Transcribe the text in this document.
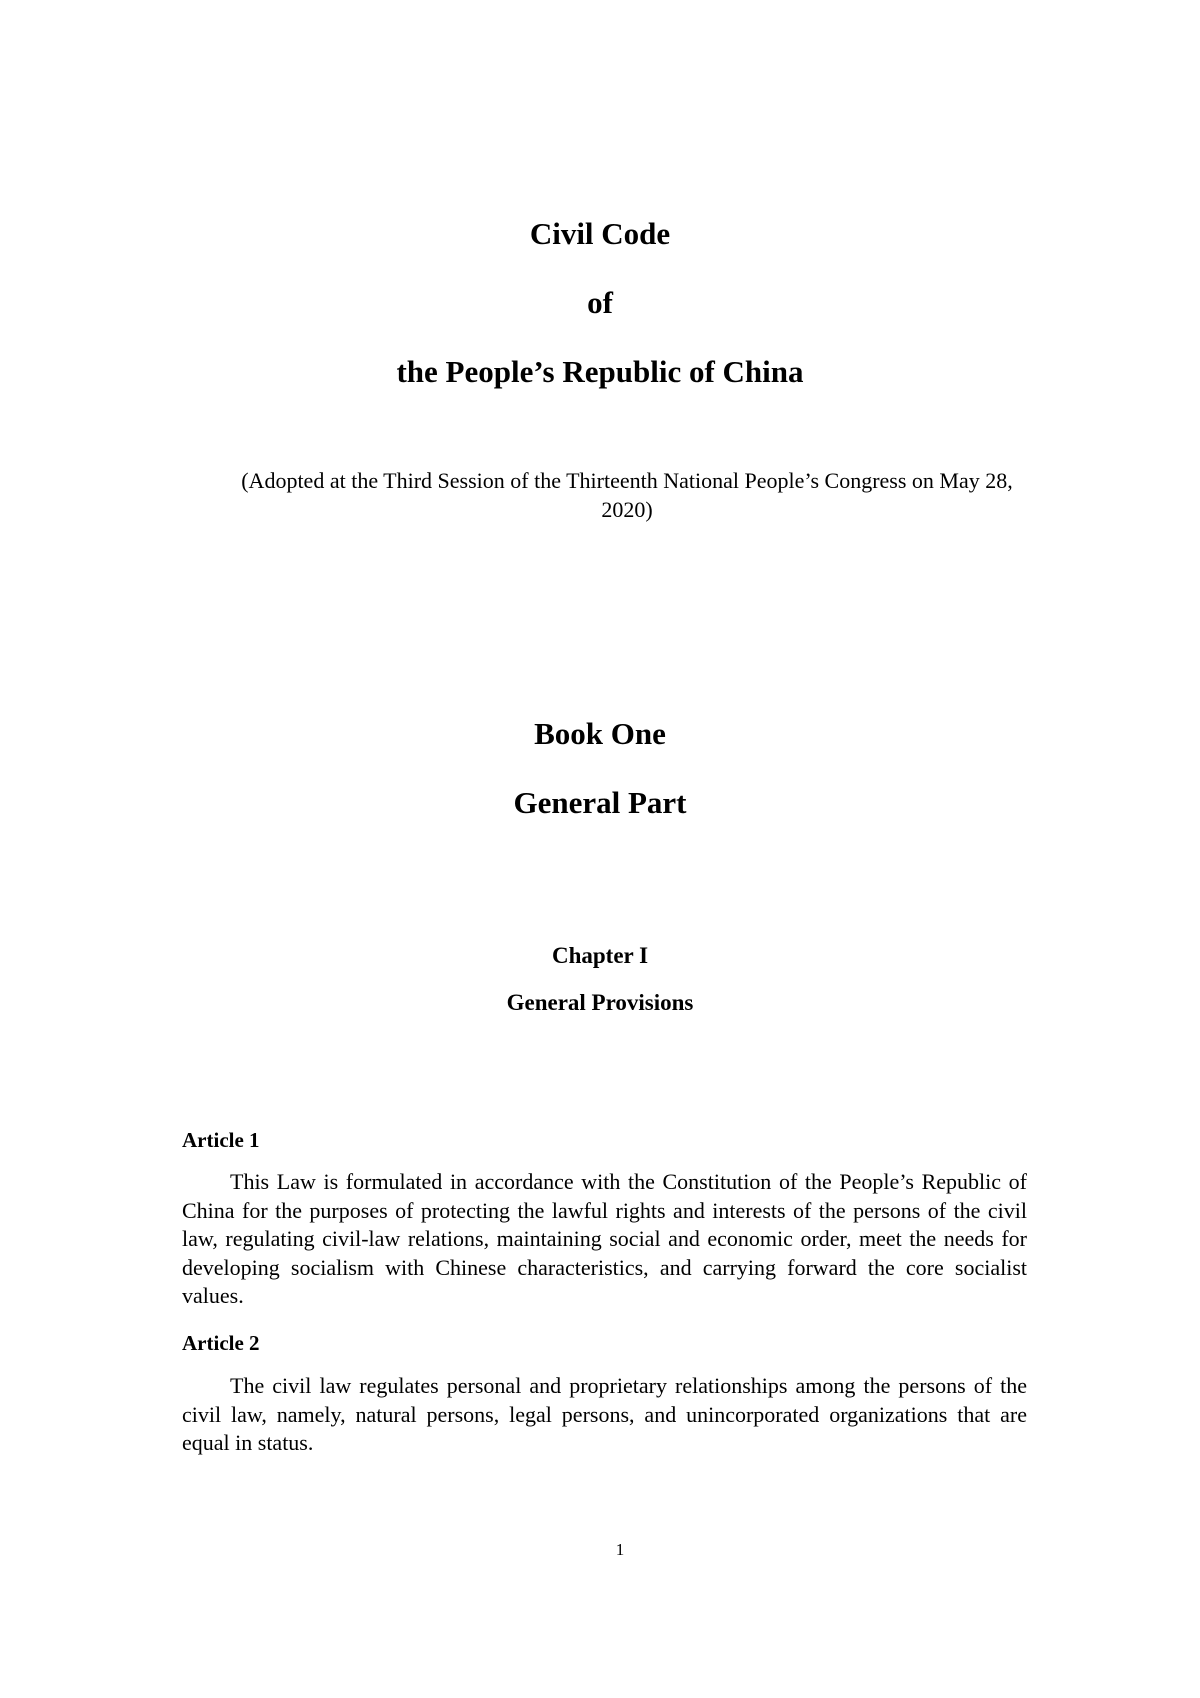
Civil Code
of
the People’s Republic of China
(Adopted at the Third Session of the Thirteenth National People’s Congress on May 28, 2020)
Book One
General Part
Chapter I
General Provisions
Article 1

This Law is formulated in accordance with the Constitution of the People’s Republic of China for the purposes of protecting the lawful rights and interests of the persons of the civil law, regulating civil-law relations, maintaining social and economic order, meet the needs for developing socialism with Chinese characteristics, and carrying forward the core socialist values.

Article 2

The civil law regulates personal and proprietary relationships among the persons of the civil law, namely, natural persons, legal persons, and unincorporated organizations that are equal in status.

1
